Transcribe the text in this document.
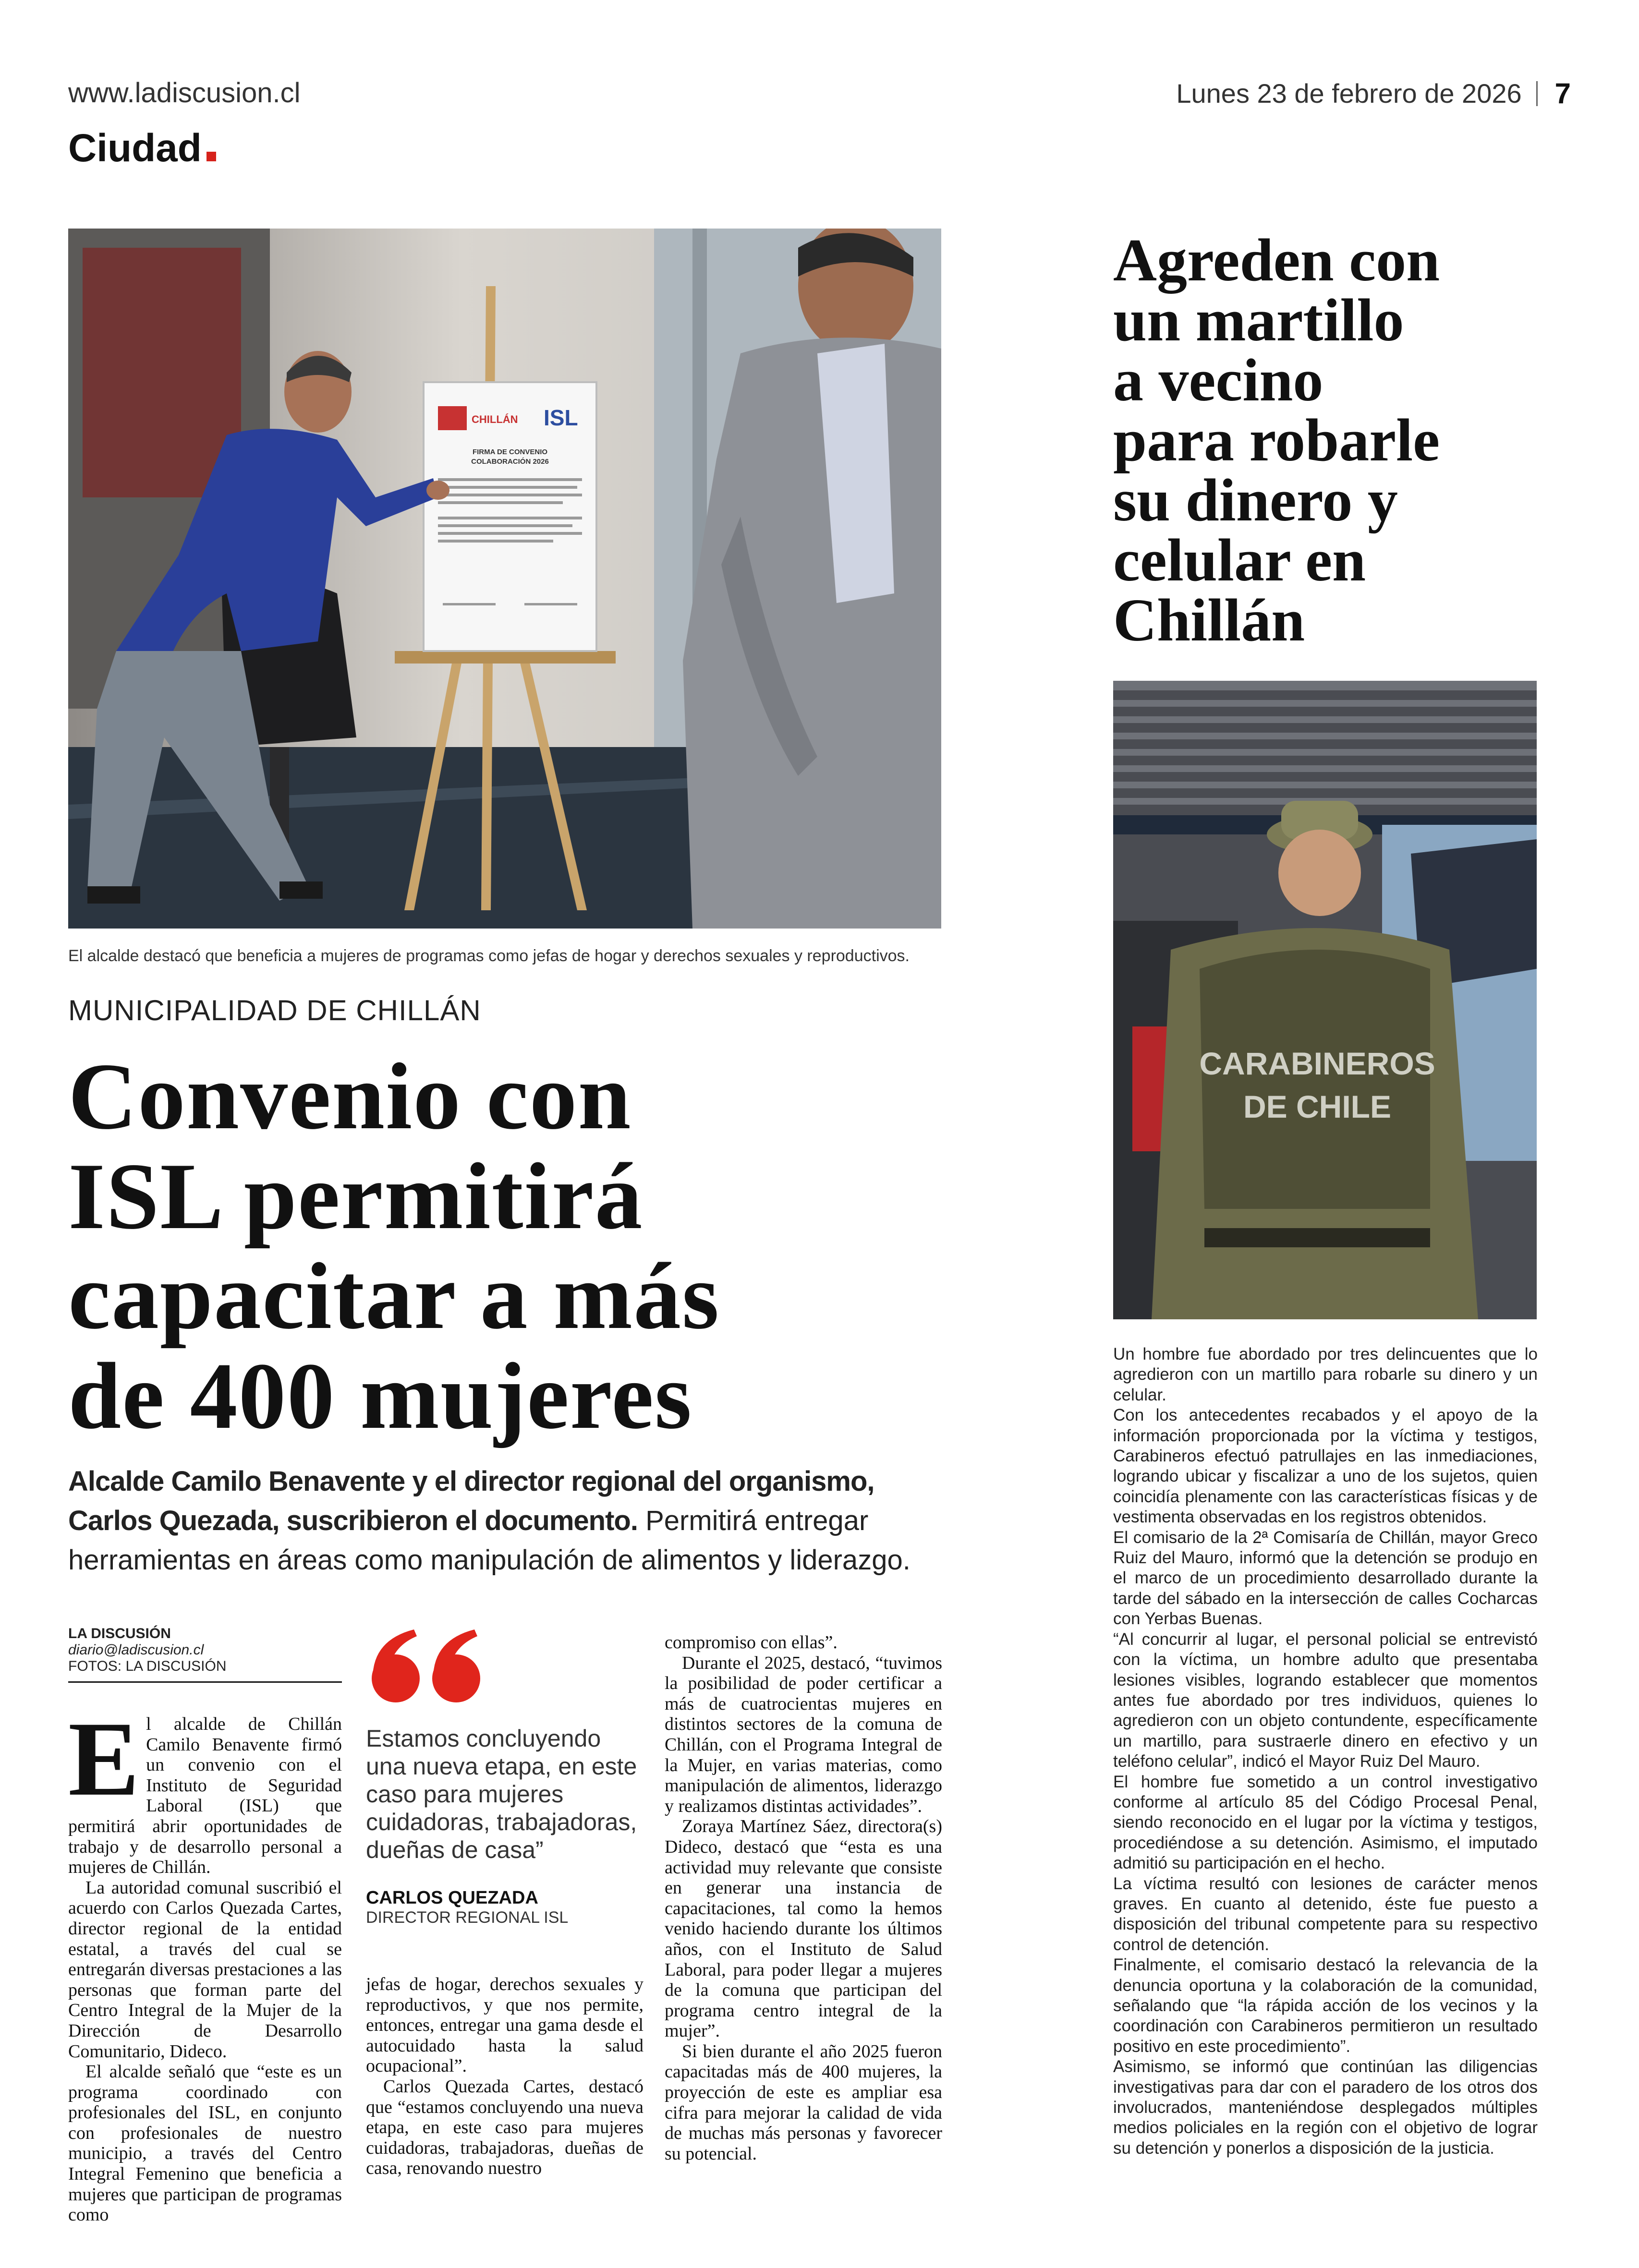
www.ladiscusion.cl	Lunes 23 de febrero de 2026 7
Ciudad
CHILLÁN ISL
FIRMA DE CONVENIO
COLABORACIÓN 2026
El alcalde destacó que beneficia a mujeres de programas como jefas de hogar y derechos sexuales y reproductivos.
MUNICIPALIDAD DE CHILLÁN
Convenio con
ISL permitirá
capacitar a más
de 400 mujeres
Alcalde Camilo Benavente y el director regional del organismo, Carlos Quezada, suscribieron el documento. Permitirá entregar herramientas en áreas como manipulación de alimentos y liderazgo.
LA DISCUSIÓN
diario@ladiscusion.cl
FOTOS: LA DISCUSIÓN

El alcalde de Chillán Camilo Benavente firmó un convenio con el Instituto de Seguridad Laboral (ISL) que permitirá abrir oportunidades de trabajo y de desarrollo personal a mujeres de Chillán.

La autoridad comunal suscribió el acuerdo con Carlos Quezada Cartes, director regional de la entidad estatal, a través del cual se entregarán diversas prestaciones a las personas que forman parte del Centro Integral de la Mujer de la Dirección de Desarrollo Comunitario, Dideco.

El alcalde señaló que “este es un programa coordinado con profesionales del ISL, en conjunto con profesionales de nuestro municipio, a través del Centro Integral Femenino que beneficia a mujeres que participan de programas como

Estamos concluyendo una nueva etapa, en este caso para mujeres cuidadoras, trabajadoras, dueñas de casa”
CARLOS QUEZADA
DIRECTOR REGIONAL ISL

jefas de hogar, derechos sexuales y reproductivos, y que nos permite, entonces, entregar una gama desde el autocuidado hasta la salud ocupacional”.

Carlos Quezada Cartes, destacó que “estamos concluyendo una nueva etapa, en este caso para mujeres cuidadoras, trabajadoras, dueñas de casa, renovando nuestro

compromiso con ellas”.

Durante el 2025, destacó, “tuvimos la posibilidad de poder certificar a más de cuatrocientas mujeres en distintos sectores de la comuna de Chillán, con el Programa Integral de la Mujer, en varias materias, como manipulación de alimentos, liderazgo y realizamos distintas actividades”.

Zoraya Martínez Sáez, directora(s) Dideco, destacó que “esta es una actividad muy relevante que consiste en generar una instancia de capacitaciones, tal como la hemos venido haciendo durante los últimos años, con el Instituto de Salud Laboral, para poder llegar a mujeres de la comuna que participan del programa centro integral de la mujer”.

Si bien durante el año 2025 fueron capacitadas más de 400 mujeres, la proyección de este es ampliar esa cifra para mejorar la calidad de vida de muchas más personas y favorecer su potencial.

Agreden con
un martillo
a vecino
para robarle
su dinero y
celular en
Chillán
CARABINEROS
DE CHILE

Un hombre fue abordado por tres delincuentes que lo agredieron con un martillo para robarle su dinero y un celular.

Con los antecedentes recabados y el apoyo de la información proporcionada por la víctima y testigos, Carabineros efectuó patrullajes en las inmediaciones, logrando ubicar y fiscalizar a uno de los sujetos, quien coincidía plenamente con las características físicas y de vestimenta observadas en los registros obtenidos.

El comisario de la 2ª Comisaría de Chillán, mayor Greco Ruiz del Mauro, informó que la detención se produjo en el marco de un procedimiento desarrollado durante la tarde del sábado en la intersección de calles Cocharcas con Yerbas Buenas.

“Al concurrir al lugar, el personal policial se entrevistó con la víctima, un hombre adulto que presentaba lesiones visibles, logrando establecer que momentos antes fue abordado por tres individuos, quienes lo agredieron con un objeto contundente, específicamente un martillo, para sustraerle dinero en efectivo y un teléfono celular”, indicó el Mayor Ruiz Del Mauro.

El hombre fue sometido a un control investigativo conforme al artículo 85 del Código Procesal Penal, siendo reconocido en el lugar por la víctima y testigos, procediéndose a su detención. Asimismo, el imputado admitió su participación en el hecho.

La víctima resultó con lesiones de carácter menos graves. En cuanto al detenido, éste fue puesto a disposición del tribunal competente para su respectivo control de detención.

Finalmente, el comisario destacó la relevancia de la denuncia oportuna y la colaboración de la comunidad, señalando que “la rápida acción de los vecinos y la coordinación con Carabineros permitieron un resultado positivo en este procedimiento”.

Asimismo, se informó que continúan las diligencias investigativas para dar con el paradero de los otros dos involucrados, manteniéndose desplegados múltiples medios policiales en la región con el objetivo de lograr su detención y ponerlos a disposición de la justicia.
